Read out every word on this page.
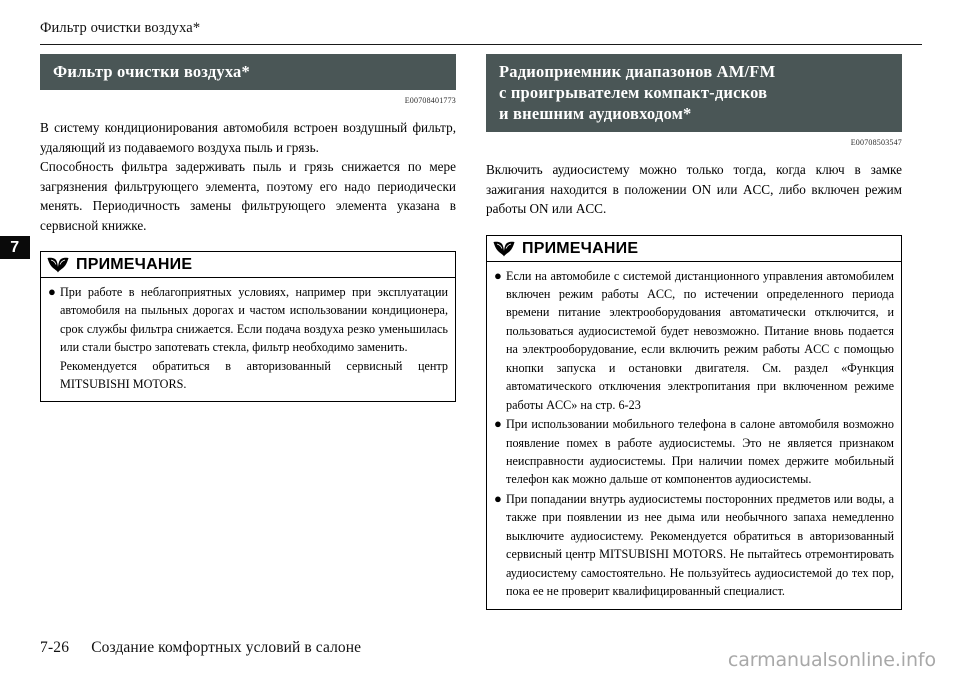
Фильтр очистки воздуха*
7
Фильтр очистки воздуха*
E00708401773

В систему кондиционирования автомобиля встроен воздушный фильтр, удаляющий из подаваемого воздуха пыль и грязь.

Способность фильтра задерживать пыль и грязь снижается по мере загрязнения фильтрующего элемента, поэтому его надо периодически менять. Периодичность замены фильтрующего элемента указана в сервисной книжке.

ПРИМЕЧАНИЕ
● При работе в неблагоприятных условиях, например при эксплуатации автомобиля на пыльных дорогах и частом использовании кондиционера, срок службы фильтра снижается. Если подача воздуха резко уменьшилась или стали быстро запотевать стекла, фильтр необходимо заменить.
Рекомендуется обратиться в авторизованный сервисный центр MITSUBISHI MOTORS.
Радиоприемник диапазонов AM/FM
с проигрывателем компакт-дисков
и внешним аудиовходом*
E00708503547

Включить аудиосистему можно только тогда, когда ключ в замке зажигания находится в положении ON или ACC, либо включен режим работы ON или ACC.

ПРИМЕЧАНИЕ
● Если на автомобиле с системой дистанционного управления автомобилем включен режим работы ACC, по истечении определенного периода времени питание электрооборудования автоматически отключится, и пользоваться аудиосистемой будет невозможно. Питание вновь подается на электрооборудование, если включить режим работы ACC с помощью кнопки запуска и остановки двигателя. См. раздел «Функция автоматического отключения электропитания при включенном режиме работы ACC» на стр. 6-23
● При использовании мобильного телефона в салоне автомобиля возможно появление помех в работе аудиосистемы. Это не является признаком неисправности аудиосистемы. При наличии помех держите мобильный телефон как можно дальше от компонентов аудиосистемы.
● При попадании внутрь аудиосистемы посторонних предметов или воды, а также при появлении из нее дыма или необычного запаха немедленно выключите аудиосистему. Рекомендуется обратиться в авторизованный сервисный центр MITSUBISHI MOTORS. Не пытайтесь отремонтировать аудиосистему самостоятельно. Не пользуйтесь аудиосистемой до тех пор, пока ее не проверит квалифицированный специалист.
7-26 Создание комфортных условий в салоне
carmanualsonline.info
